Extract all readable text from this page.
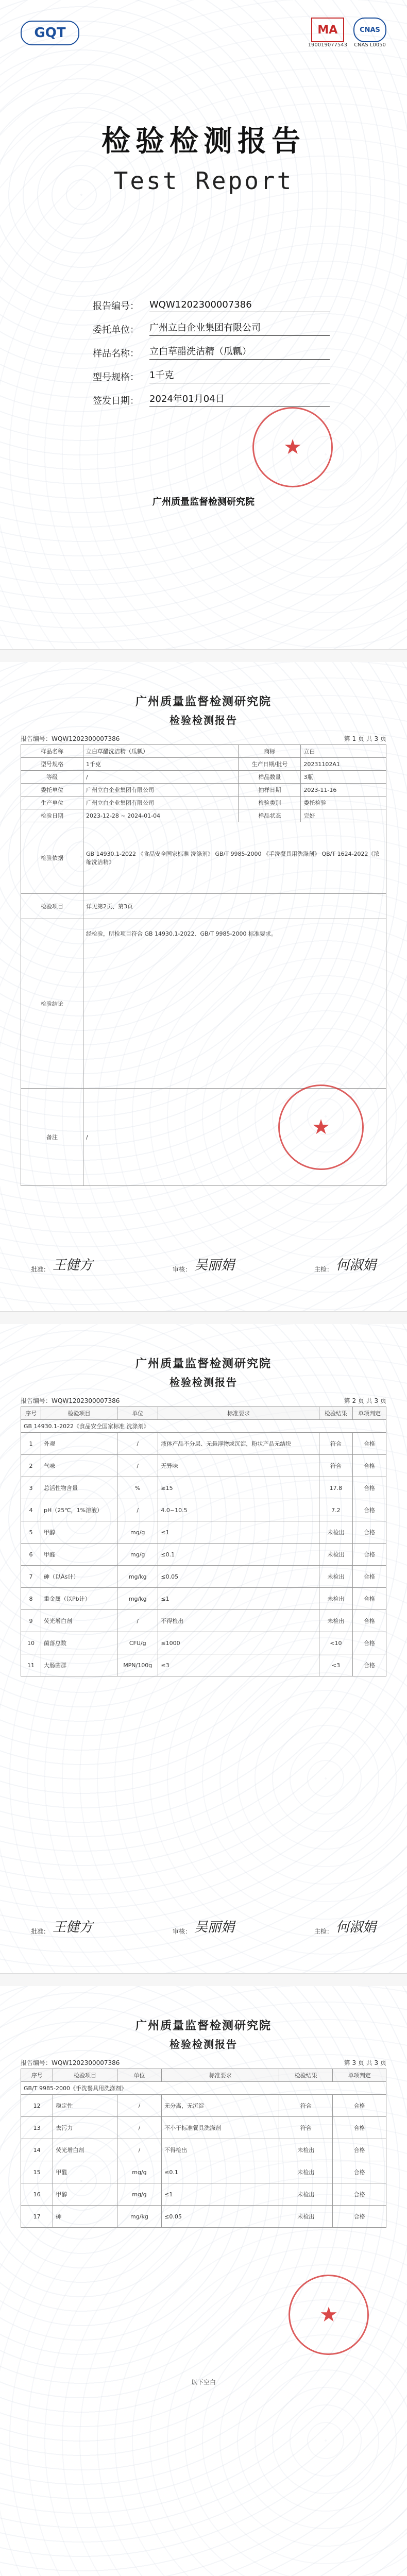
GQT	MA
190019077543
CNAS
CNAS L0050
检验检测报告
Test Report
报告编号：	WQW1202300007386
委托单位：	广州立白企业集团有限公司
样品名称：	立白草醋洗洁精（瓜瓤）
型号规格：	1千克
签发日期：	2024年01月04日
★
广州质量监督检测研究院
广州质量监督检测研究院
检验检测报告
报告编号：WQW1202300007386	第 1 页 共 3 页
样品名称	立白草醋洗洁精（瓜瓤）	商标	立白
型号规格	1千克	生产日期/批号	20231102A1
等级	/	样品数量	3瓶
委托单位	广州立白企业集团有限公司	抽样日期	2023-11-16
生产单位	广州立白企业集团有限公司	检验类别	委托检验
检验日期	2023-12-28 ~ 2024-01-04	样品状态	完好
检验依据	GB 14930.1-2022 《食品安全国家标准 洗涤剂》 GB/T 9985-2000 《手洗餐具用洗涤剂》 QB/T 1624-2022《浓缩洗洁精》		
检验项目	详见第2页、第3页		
检验结论	经检验，所检项目符合 GB 14930.1-2022、GB/T 9985-2000 标准要求。		
备注	/			★
批准： 王健方	审核： 吴丽娟	主检： 何淑娟
广州质量监督检测研究院
检验检测报告
报告编号：WQW1202300007386	第 2 页 共 3 页
序号	检验项目	单位	标准要求	检验结果	单项判定
GB 14930.1-2022《食品安全国家标准 洗涤剂》					
1	外观	/	液体产品不分层、无悬浮物或沉淀，粉状产品无结块	符合	合格
2	气味	/	无异味	符合	合格
3	总活性物含量	%	≥15	17.8	合格
4	pH（25℃，1%溶液）	/	4.0~10.5	7.2	合格
5	甲醇	mg/g	≤1	未检出	合格
6	甲醛	mg/g	≤0.1	未检出	合格
7	砷（以As计）	mg/kg	≤0.05	未检出	合格
8	重金属（以Pb计）	mg/kg	≤1	未检出	合格
9	荧光增白剂	/	不得检出	未检出	合格
10	菌落总数	CFU/g	≤1000	<10	合格
11	大肠菌群	MPN/100g	≤3	<3	合格
批准： 王健方	审核： 吴丽娟	主检： 何淑娟
广州质量监督检测研究院
检验检测报告
报告编号：WQW1202300007386	第 3 页 共 3 页
序号	检验项目	单位	标准要求	检验结果	单项判定
GB/T 9985-2000《手洗餐具用洗涤剂》					
12	稳定性	/	无分离，无沉淀	符合	合格
13	去污力	/	不小于标准餐具洗涤剂	符合	合格
14	荧光增白剂	/	不得检出	未检出	合格
15	甲醛	mg/g	≤0.1	未检出	合格
16	甲醇	mg/g	≤1	未检出	合格
17	砷	mg/kg	≤0.05	未检出	合格
以下空白
★
